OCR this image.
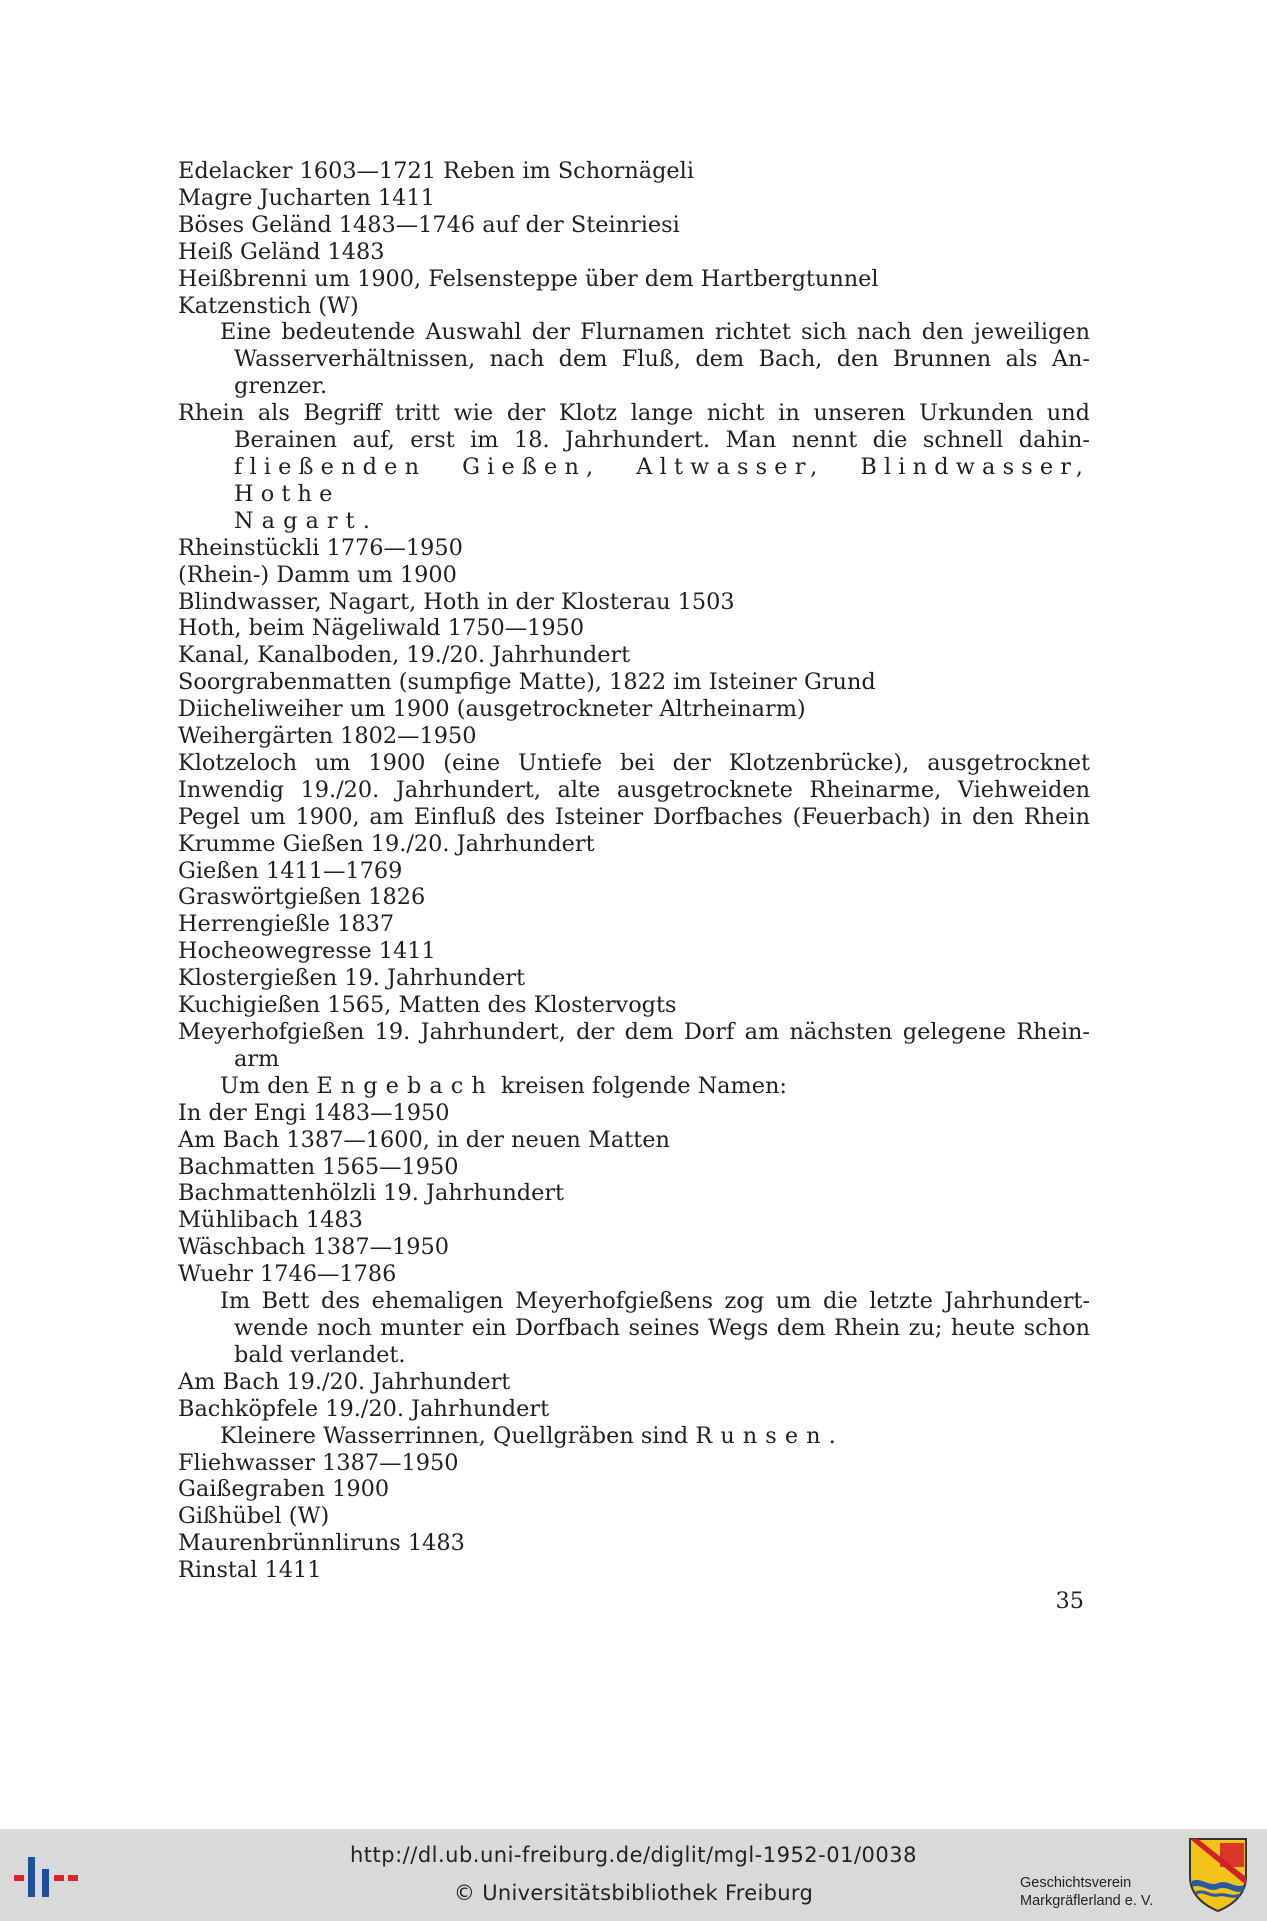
Edelacker 1603—1721 Reben im Schornägeli
Magre Jucharten 1411
Böses Geländ 1483—1746 auf der Steinriesi
Heiß Geländ 1483
Heißbrenni um 1900, Felsensteppe über dem Hartbergtunnel
Katzenstich (W)
Eine bedeutende Auswahl der Flurnamen richtet sich nach den jeweiligen
Wasserverhältnissen, nach dem Fluß, dem Bach, den Brunnen als An-
grenzer.
Rhein als Begriff tritt wie der Klotz lange nicht in unseren Urkunden und
Berainen auf, erst im 18. Jahrhundert. Man nennt die schnell dahin-
fließenden Gießen, Altwasser, Blindwasser, Hothe
Nagart.
Rheinstückli 1776—1950
(Rhein-) Damm um 1900
Blindwasser, Nagart, Hoth in der Klosterau 1503
Hoth, beim Nägeliwald 1750—1950
Kanal, Kanalboden, 19./20. Jahrhundert
Soorgrabenmatten (sumpfige Matte), 1822 im Isteiner Grund
Diicheliweiher um 1900 (ausgetrockneter Altrheinarm)
Weihergärten 1802—1950
Klotzeloch um 1900 (eine Untiefe bei der Klotzenbrücke), ausgetrocknet
Inwendig 19./20. Jahrhundert, alte ausgetrocknete Rheinarme, Viehweiden
Pegel um 1900, am Einfluß des Isteiner Dorfbaches (Feuerbach) in den Rhein
Krumme Gießen 19./20. Jahrhundert
Gießen 1411—1769
Graswörtgießen 1826
Herrengießle 1837
Hocheowegresse 1411
Klostergießen 19. Jahrhundert
Kuchigießen 1565, Matten des Klostervogts
Meyerhofgießen 19. Jahrhundert, der dem Dorf am nächsten gelegene Rhein-
arm
Um den Engebach kreisen folgende Namen:
In der Engi 1483—1950
Am Bach 1387—1600, in der neuen Matten
Bachmatten 1565—1950
Bachmattenhölzli 19. Jahrhundert
Mühlibach 1483
Wäschbach 1387—1950
Wuehr 1746—1786
Im Bett des ehemaligen Meyerhofgießens zog um die letzte Jahrhundert-
wende noch munter ein Dorfbach seines Wegs dem Rhein zu; heute schon
bald verlandet.
Am Bach 19./20. Jahrhundert
Bachköpfele 19./20. Jahrhundert
Kleinere Wasserrinnen, Quellgräben sind Runsen.
Fliehwasser 1387—1950
Gaißegraben 1900
Gißhübel (W)
Maurenbrünnliruns 1483
Rinstal 1411
35
http://dl.ub.uni-freiburg.de/diglit/mgl-1952-01/0038
© Universitätsbibliothek Freiburg	Geschichtsverein
Markgräflerland e. V.
